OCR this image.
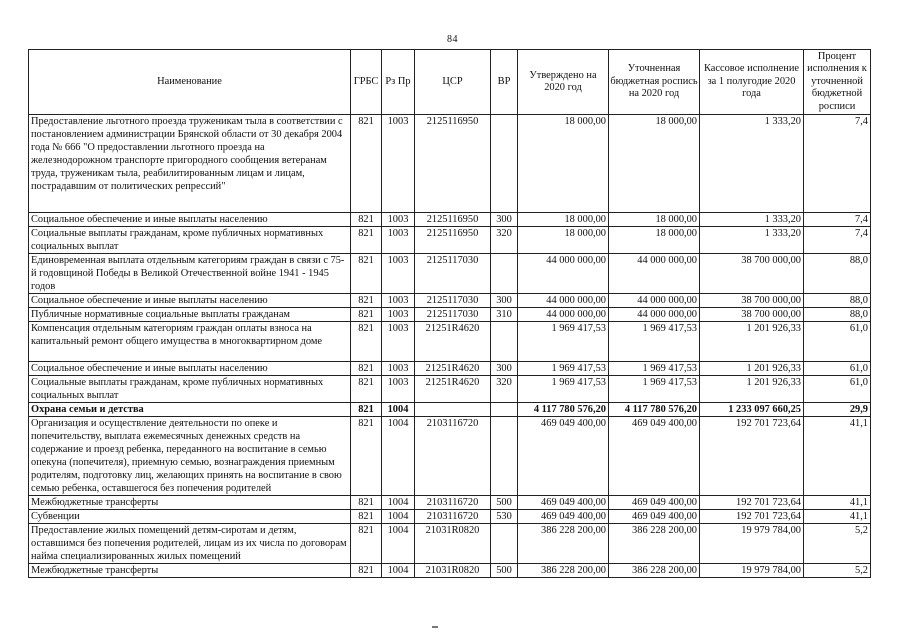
84
Наименование	ГРБС	Рз Пр	ЦСР	ВР	Утверждено на 2020 год	Уточненная бюджетная роспись на 2020 год	Кассовое исполнение за 1 полугодие 2020 года	Процент исполнения к уточненной бюджетной росписи
Предоставление льготного проезда труженикам тыла в соответствии с постановлением администрации Брянской области от 30 декабря 2004 года № 666 "О предоставлении льготного проезда на железнодорожном транспорте пригородного сообщения ветеранам труда, труженикам тыла, реабилитированным лицам и лицам, пострадавшим от политических репрессий"	821	1003	2125116950		18 000,00	18 000,00	1 333,20	7,4
Социальное обеспечение и иные выплаты населению	821	1003	2125116950	300	18 000,00	18 000,00	1 333,20	7,4
Социальные выплаты гражданам, кроме публичных нормативных социальных выплат	821	1003	2125116950	320	18 000,00	18 000,00	1 333,20	7,4
Единовременная выплата отдельным категориям граждан в связи с 75-й годовщиной Победы в Великой Отечественной войне 1941 - 1945 годов	821	1003	2125117030		44 000 000,00	44 000 000,00	38 700 000,00	88,0
Социальное обеспечение и иные выплаты населению	821	1003	2125117030	300	44 000 000,00	44 000 000,00	38 700 000,00	88,0
Публичные нормативные социальные выплаты гражданам	821	1003	2125117030	310	44 000 000,00	44 000 000,00	38 700 000,00	88,0
Компенсация отдельным категориям граждан оплаты взноса на капитальный ремонт общего имущества в многоквартирном доме	821	1003	21251R4620		1 969 417,53	1 969 417,53	1 201 926,33	61,0
Социальное обеспечение и иные выплаты населению	821	1003	21251R4620	300	1 969 417,53	1 969 417,53	1 201 926,33	61,0
Социальные выплаты гражданам, кроме публичных нормативных социальных выплат	821	1003	21251R4620	320	1 969 417,53	1 969 417,53	1 201 926,33	61,0
Охрана семьи и детства	821	1004			4 117 780 576,20	4 117 780 576,20	1 233 097 660,25	29,9
Организация и осуществление деятельности по опеке и попечительству, выплата ежемесячных денежных средств на содержание и проезд ребенка, переданного на воспитание в семью опекуна (попечителя), приемную семью, вознаграждения приемным родителям, подготовку лиц, желающих принять на воспитание в свою семью ребенка, оставшегося без попечения родителей	821	1004	2103116720		469 049 400,00	469 049 400,00	192 701 723,64	41,1
Межбюджетные трансферты	821	1004	2103116720	500	469 049 400,00	469 049 400,00	192 701 723,64	41,1
Субвенции	821	1004	2103116720	530	469 049 400,00	469 049 400,00	192 701 723,64	41,1
Предоставление жилых помещений детям-сиротам и детям, оставшимся без попечения родителей, лицам из их числа по договорам найма специализированных жилых помещений	821	1004	21031R0820		386 228 200,00	386 228 200,00	19 979 784,00	5,2
Межбюджетные трансферты	821	1004	21031R0820	500	386 228 200,00	386 228 200,00	19 979 784,00	5,2
